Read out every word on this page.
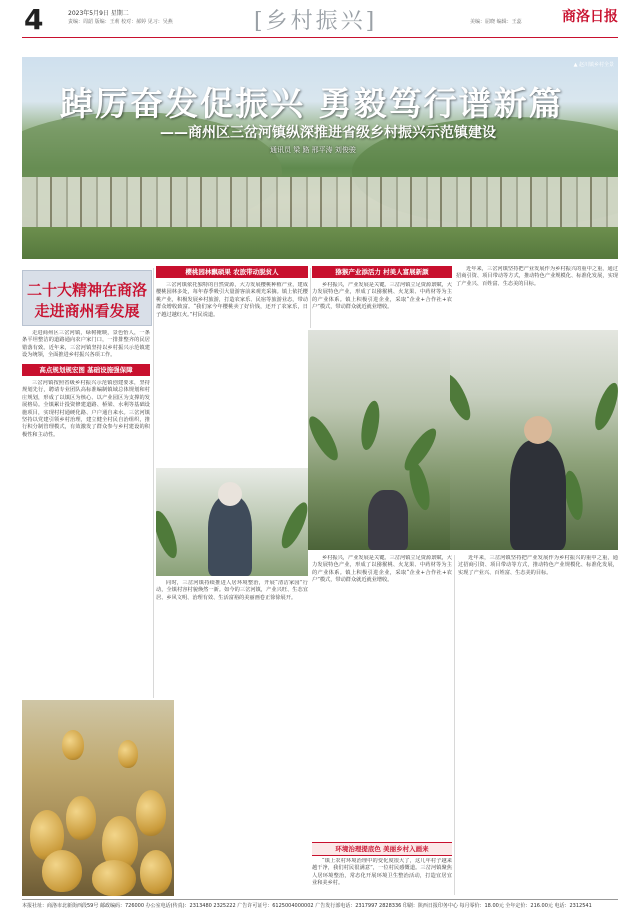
4	2023年5月9日 星期二
责编：周韶 版编：王莉 校对：郝婷 见习：吴燕	[乡村振兴]	美编：屈晓 编辑：王蕊	商洛日报
▲ 赵川镇乡村全景
踔厉奋发促振兴 勇毅笃行谱新篇
——商州区三岔河镇纵深推进省级乡村振兴示范镇建设
通讯员 梁 路 邢平涛 刘俊骏
二十大精神在商洛
走进商州看发展

走进商州区三岔河镇，绿树掩映，景色怡人，一条条平坦整洁的道路通向农户家门口，一排排整齐的民居错落有致。近年来，三岔河镇坚持以乡村振兴示范镇建设为统领，全面推进乡村振兴各项工作。

高点规划规宏图 基础设施强保障

三岔河镇按照省级乡村振兴示范镇创建要求，坚持规划先行，聘请专业团队高标准编制镇域总体规划和村庄规划，形成了以镇区为核心、以产业园区为支撑的发展格局。全镇累计投资修建道路、桥梁、水利等基础设施项目，实现村村通硬化路、户户通自来水。三岔河镇坚持以党建引领乡村治理，建立健全村民自治组织，推行积分制管理模式，有效激发了群众参与乡村建设的积极性和主动性。

樱桃园林飘硕果 农旅带动脱贫人

三岔河镇依托独特的自然资源，大力发展樱桃种植产业，建成樱桃园林多处，每年春季吸引大量游客前来观光采摘。镇上依托樱桃产业，积极发展乡村旅游，打造农家乐、民宿等旅游业态，带动群众增收致富。“我们家今年樱桃卖了好价钱，还开了农家乐，日子越过越红火。”村民说道。

同时，三岔河镇持续推进人居环境整治，开展“清洁家园”行动，全镇村容村貌焕然一新。如今的三岔河镇，产业兴旺、生态宜居、乡风文明、治理有效、生活富裕的美丽画卷正徐徐展开。

猕猴产业添活力 村美人富展新颜

乡村振兴，产业发展是关键。三岔河镇立足资源禀赋，大力发展特色产业，形成了以猕猴桃、火龙果、中药材等为主的产业体系。镇上积极引进企业，采取“企业+合作社+农户”模式，带动群众就近就业增收。

近年来，三岔河镇坚持把产业发展作为乡村振兴的重中之重，通过招商引资、项目带动等方式，推动特色产业规模化、标准化发展，实现了产业兴、百姓富、生态美的目标。

乡村振兴，产业发展是关键。三岔河镇立足资源禀赋，大力发展特色产业，形成了以猕猴桃、火龙果、中药材等为主的产业体系。镇上积极引进企业，采取“企业+合作社+农户”模式，带动群众就近就业增收。

环境治理提底色 美丽乡村入画来

“镇上农村环境治理中的变化度很大了，这几年村子越来越干净，我们村民很满意”，一位村民感慨道。三岔河镇聚焦人居环境整治，常态化开展环境卫生整治活动，打造宜居宜业和美乡村。

近年来，三岔河镇坚持把产业发展作为乡村振兴的重中之重，通过招商引资、项目带动等方式，推动特色产业规模化、标准化发展，实现了产业兴、百姓富、生态美的目标。

本报社址：商洛市北新街西段59号 邮政编码：726000 办公室电话(传真)：2313480 2325222 广告许可证号：6125004000002 广告发行部电话：2317997 2828336 印刷：陕西日报印务中心 每月零价：18.00元 全年定价：216.00元 电话：2312541
